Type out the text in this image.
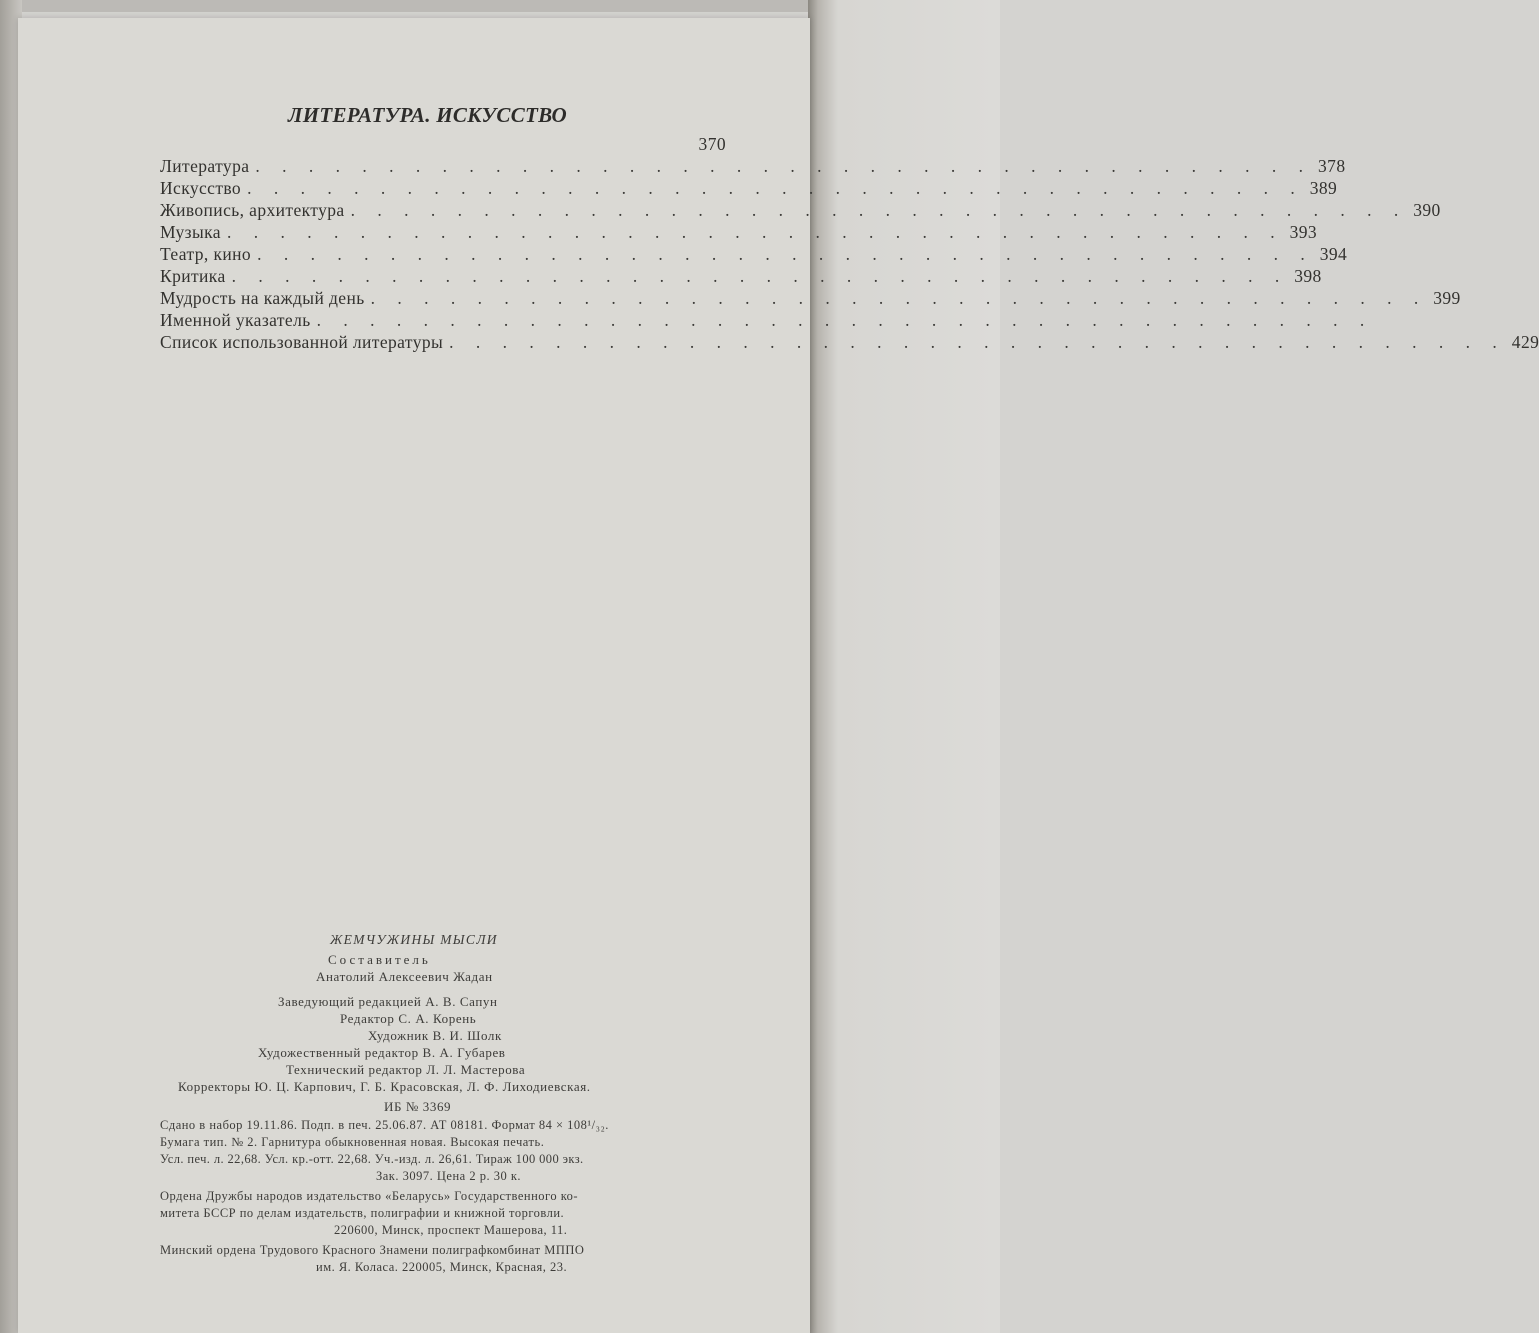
ЛИТЕРАТУРА. ИСКУССТВО
370
Литература . . . . . . . . . . . . . . . . . . . . . . . . . . . . . . . . . . . . . . . . 378
Искусство . . . . . . . . . . . . . . . . . . . . . . . . . . . . . . . . . . . . . . . . 389
Живопись, архитектура . . . . . . . . . . . . . . . . . . . . . . . . . . . . . . . . . . . . . . . . 390
Музыка . . . . . . . . . . . . . . . . . . . . . . . . . . . . . . . . . . . . . . . . 393
Театр, кино . . . . . . . . . . . . . . . . . . . . . . . . . . . . . . . . . . . . . . . . 394
Критика . . . . . . . . . . . . . . . . . . . . . . . . . . . . . . . . . . . . . . . . 398
Мудрость на каждый день . . . . . . . . . . . . . . . . . . . . . . . . . . . . . . . . . . . . . . . . 399
Именной указатель . . . . . . . . . . . . . . . . . . . . . . . . . . . . . . . . . . . . . . . .
Список использованной литературы . . . . . . . . . . . . . . . . . . . . . . . . . . . . . . . . . . . . . . . . 429
ЖЕМЧУЖИНЫ МЫСЛИ
Составитель
Анатолий Алексеевич Жадан
Заведующий редакцией А. В. Сапун
Редактор С. А. Корень
Художник В. И. Шолк
Художественный редактор В. А. Губарев
Технический редактор Л. Л. Мастерова
Корректоры Ю. Ц. Карпович, Г. Б. Красовская, Л. Ф. Лиходиевская.
ИБ № 3369
Сдано в набор 19.11.86. Подп. в печ. 25.06.87. АТ 08181. Формат 84 × 108¹/₃₂.
Бумага тип. № 2. Гарнитура обыкновенная новая. Высокая печать.
Усл. печ. л. 22,68. Усл. кр.-отт. 22,68. Уч.-изд. л. 26,61. Тираж 100 000 экз.
Зак. 3097. Цена 2 р. 30 к.
Ордена Дружбы народов издательство «Беларусь» Государственного ко-
митета БССР по делам издательств, полиграфии и книжной торговли.
220600, Минск, проспект Машерова, 11.
Минский ордена Трудового Красного Знамени полиграфкомбинат МППО
им. Я. Коласа. 220005, Минск, Красная, 23.
